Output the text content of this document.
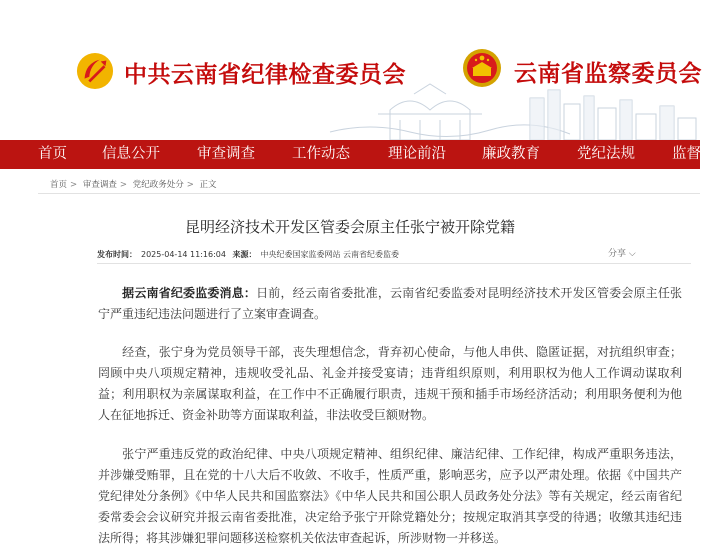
中共云南省纪律检查委员会	云南省监察委员会
首页 信息公开	审查调查	工作动态	理论前沿 廉政教育	党纪法规	监督
首页 > 审查调查 > 党纪政务处分 > 正文
昆明经济技术开发区管委会原主任张宁被开除党籍
发布时间： 2025-04-14 11:16:04 来源： 中央纪委国家监委网站 云南省纪委监委	分享 ⌵
据云南省纪委监委消息：日前，经云南省委批准，云南省纪委监委对昆明经济技术开发区管委会原主任张宁严重违纪违法问题进行了立案审查调查。
经查，张宁身为党员领导干部，丧失理想信念，背弃初心使命，与他人串供、隐匿证据，对抗组织审查；罔顾中央八项规定精神，违规收受礼品、礼金并接受宴请；违背组织原则，利用职权为他人工作调动谋取利益；利用职权为亲属谋取利益，在工作中不正确履行职责，违规干预和插手市场经济活动；利用职务便利为他人在征地拆迁、资金补助等方面谋取利益，非法收受巨额财物。
张宁严重违反党的政治纪律、中央八项规定精神、组织纪律、廉洁纪律、工作纪律，构成严重职务违法，并涉嫌受贿罪，且在党的十八大后不收敛、不收手，性质严重，影响恶劣，应予以严肃处理。依据《中国共产党纪律处分条例》《中华人民共和国监察法》《中华人民共和国公职人员政务处分法》等有关规定，经云南省纪委常委会会议研究并报云南省委批准，决定给予张宁开除党籍处分；按规定取消其享受的待遇；收缴其违纪违法所得；将其涉嫌犯罪问题移送检察机关依法审查起诉，所涉财物一并移送。
